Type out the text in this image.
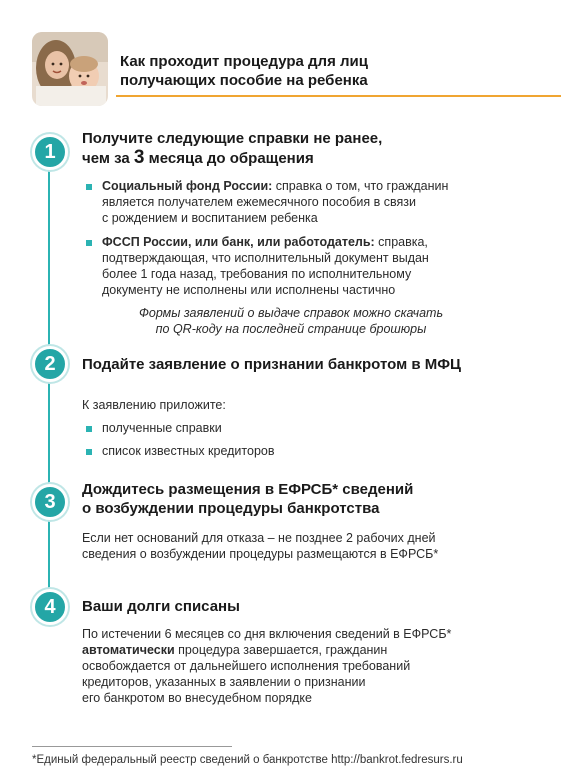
Как проходит процедура для лиц
получающих пособие на ребенка
1
Получите следующие справки не ранее,
чем за 3 месяца до обращения
Социальный фонд России: справка о том, что гражданин
является получателем ежемесячного пособия в связи
с рождением и воспитанием ребенка
ФССП России, или банк, или работодатель: справка,
подтверждающая, что исполнительный документ выдан
более 1 года назад, требования по исполнительному
документу не исполнены или исполнены частично
Формы заявлений о выдаче справок можно скачать
по QR-коду на последней странице брошюры
2	Подайте заявление о признании банкротом в МФЦ
К заявлению приложите:
полученные справки
список известных кредиторов
3
Дождитесь размещения в ЕФРСБ* сведений
о возбуждении процедуры банкротства
Если нет оснований для отказа – не позднее 2 рабочих дней
сведения о возбуждении процедуры размещаются в ЕФРСБ*
4	Ваши долги списаны
По истечении 6 месяцев со дня включения сведений в ЕФРСБ*
автоматически процедура завершается, гражданин
освобождается от дальнейшего исполнения требований
кредиторов, указанных в заявлении о признании
его банкротом во внесудебном порядке
*Единый федеральный реестр сведений о банкротстве http://bankrot.fedresurs.ru
